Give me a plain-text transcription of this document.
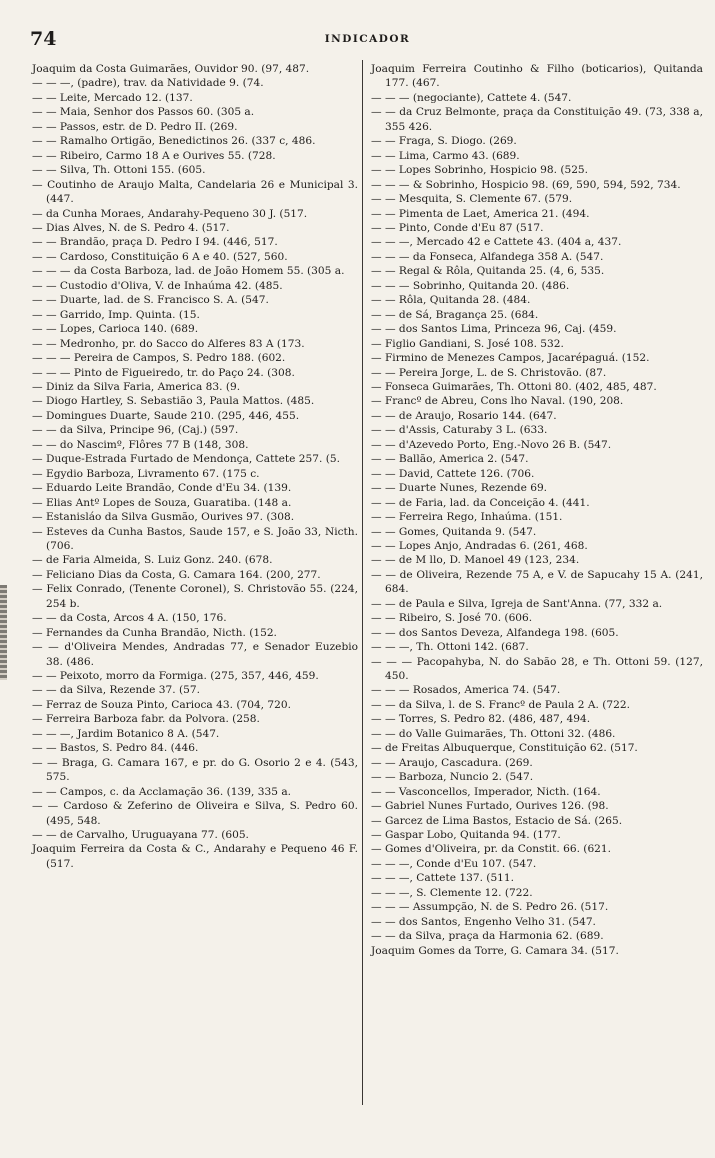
74	INDICADOR
Joaquim da Costa Guimarães, Ouvidor 90. (97, 487.
— — —, (padre), trav. da Natividade 9. (74.
— — Leite, Mercado 12. (137.
— — Maia, Senhor dos Passos 60. (305 a.
— — Passos, estr. de D. Pedro II. (269.
— — Ramalho Ortigão, Benedictinos 26. (337 c, 486.
— — Ribeiro, Carmo 18 A e Ourives 55. (728.
— — Silva, Th. Ottoni 155. (605.
— Coutinho de Araujo Malta, Candelaria 26 e Municipal 3. (447.
— da Cunha Moraes, Andarahy-Pequeno 30 J. (517.
— Dias Alves, N. de S. Pedro 4. (517.
— — Brandão, praça D. Pedro I 94. (446, 517.
— — Cardoso, Constituição 6 A e 40. (527, 560.
— — — da Costa Barboza, lad. de João Homem 55. (305 a.
— — Custodio d'Oliva, V. de Inhaúma 42. (485.
— — Duarte, lad. de S. Francisco S. A. (547.
— — Garrido, Imp. Quinta. (15.
— — Lopes, Carioca 140. (689.
— — Medronho, pr. do Sacco do Alferes 83 A (173.
— — — Pereira de Campos, S. Pedro 188. (602.
— — — Pinto de Figueiredo, tr. do Paço 24. (308.
— Diniz da Silva Faria, America 83. (9.
— Diogo Hartley, S. Sebastião 3, Paula Mattos. (485.
— Domingues Duarte, Saude 210. (295, 446, 455.
— — da Silva, Principe 96, (Caj.) (597.
— — do Nascimº, Flôres 77 B (148, 308.
— Duque-Estrada Furtado de Mendonça, Cattete 257. (5.
— Egydio Barboza, Livramento 67. (175 c.
— Eduardo Leite Brandão, Conde d'Eu 34. (139.
— Elias Antº Lopes de Souza, Guaratiba. (148 a.
— Estanisláo da Silva Gusmão, Ourives 97. (308.
— Esteves da Cunha Bastos, Saude 157, e S. João 33, Nicth. (706.
— de Faria Almeida, S. Luiz Gonz. 240. (678.
— Feliciano Dias da Costa, G. Camara 164. (200, 277.
— Felix Conrado, (Tenente Coronel), S. Christovão 55. (224, 254 b.
— — da Costa, Arcos 4 A. (150, 176.
— Fernandes da Cunha Brandão, Nicth. (152.
— — d'Oliveira Mendes, Andradas 77, e Senador Euzebio 38. (486.
— — Peixoto, morro da Formiga. (275, 357, 446, 459.
— — da Silva, Rezende 37. (57.
— Ferraz de Souza Pinto, Carioca 43. (704, 720.
— Ferreira Barboza fabr. da Polvora. (258.
— — —, Jardim Botanico 8 A. (547.
— — Bastos, S. Pedro 84. (446.
— — Braga, G. Camara 167, e pr. do G. Osorio 2 e 4. (543, 575.
— — Campos, c. da Acclamação 36. (139, 335 a.
— — Cardoso & Zeferino de Oliveira e Silva, S. Pedro 60. (495, 548.
— — de Carvalho, Uruguayana 77. (605.
Joaquim Ferreira da Costa & C., Andarahy e Pequeno 46 F. (517.
Joaquim Ferreira Coutinho & Filho (boticarios), Quitanda 177. (467.
— — — (negociante), Cattete 4. (547.
— — da Cruz Belmonte, praça da Constituição 49. (73, 338 a, 355 426.
— — Fraga, S. Diogo. (269.
— — Lima, Carmo 43. (689.
— — Lopes Sobrinho, Hospicio 98. (525.
— — — & Sobrinho, Hospicio 98. (69, 590, 594, 592, 734.
— — Mesquita, S. Clemente 67. (579.
— — Pimenta de Laet, America 21. (494.
— — Pinto, Conde d'Eu 87 (517.
— — —, Mercado 42 e Cattete 43. (404 a, 437.
— — — da Fonseca, Alfandega 358 A. (547.
— — Regal & Rôla, Quitanda 25. (4, 6, 535.
— — — Sobrinho, Quitanda 20. (486.
— — Rôla, Quitanda 28. (484.
— — de Sá, Bragança 25. (684.
— — dos Santos Lima, Princeza 96, Caj. (459.
— Figlio Gandiani, S. José 108. 532.
— Firmino de Menezes Campos, Jacarépaguá. (152.
— — Pereira Jorge, L. de S. Christovão. (87.
— Fonseca Guimarães, Th. Ottoni 80. (402, 485, 487.
— Francº de Abreu, Cons lho Naval. (190, 208.
— — de Araujo, Rosario 144. (647.
— — d'Assis, Caturaby 3 L. (633.
— — d'Azevedo Porto, Eng.-Novo 26 B. (547.
— — Ballão, America 2. (547.
— — David, Cattete 126. (706.
— — Duarte Nunes, Rezende 69.
— — de Faria, lad. da Conceição 4. (441.
— — Ferreira Rego, Inhaúma. (151.
— — Gomes, Quitanda 9. (547.
— — Lopes Anjo, Andradas 6. (261, 468.
— — de M llo, D. Manoel 49 (123, 234.
— — de Oliveira, Rezende 75 A, e V. de Sapucahy 15 A. (241, 684.
— — de Paula e Silva, Igreja de Sant'Anna. (77, 332 a.
— — Ribeiro, S. José 70. (606.
— — dos Santos Deveza, Alfandega 198. (605.
— — —, Th. Ottoni 142. (687.
— — — Pacopahyba, N. do Sabão 28, e Th. Ottoni 59. (127, 450.
— — — Rosados, America 74. (547.
— — da Silva, l. de S. Francº de Paula 2 A. (722.
— — Torres, S. Pedro 82. (486, 487, 494.
— — do Valle Guimarães, Th. Ottoni 32. (486.
— de Freitas Albuquerque, Constituição 62. (517.
— — Araujo, Cascadura. (269.
— — Barboza, Nuncio 2. (547.
— — Vasconcellos, Imperador, Nicth. (164.
— Gabriel Nunes Furtado, Ourives 126. (98.
— Garcez de Lima Bastos, Estacio de Sá. (265.
— Gaspar Lobo, Quitanda 94. (177.
— Gomes d'Oliveira, pr. da Constit. 66. (621.
— — —, Conde d'Eu 107. (547.
— — —, Cattete 137. (511.
— — —, S. Clemente 12. (722.
— — — Assumpção, N. de S. Pedro 26. (517.
— — dos Santos, Engenho Velho 31. (547.
— — da Silva, praça da Harmonia 62. (689.
Joaquim Gomes da Torre, G. Camara 34. (517.
